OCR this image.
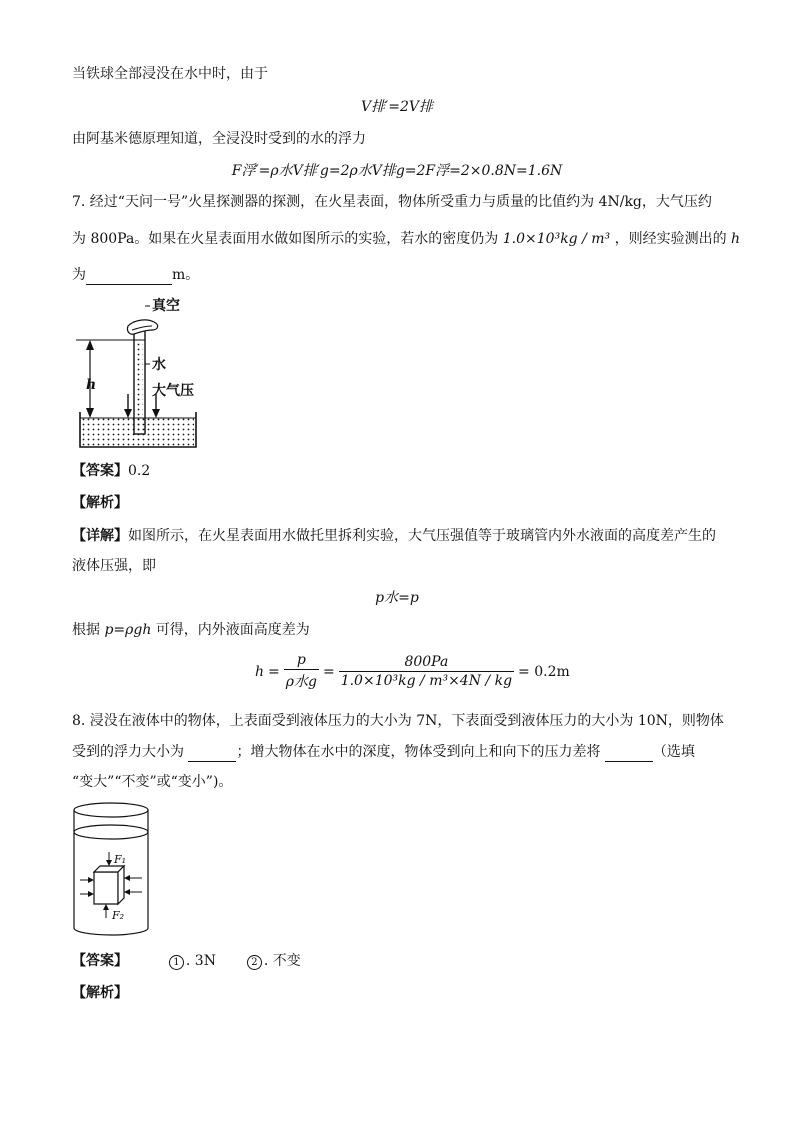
当铁球全部浸没在水中时，由于
V排′=2V排
由阿基米德原理知道，全浸没时受到的水的浮力
F浮′=ρ水V排′g=2ρ水V排g=2F浮=2×0.8N=1.6N
7. 经过“天问一号”火星探测器的探测，在火星表面，物体所受重力与质量的比值约为 4N/kg，大气压约
为 800Pa。如果在火星表面用水做如图所示的实验，若水的密度仍为 1.0×10³kg / m³ ，则经实验测出的 h
为	m。
真空
水
大气压
h
【答案】0.2
【解析】
【详解】如图所示，在火星表面用水做托里拆利实验，大气压强值等于玻璃管内外水液面的高度差产生的
液体压强，即
p水=p
根据 p=ρgh 可得，内外液面高度差为
$h = \frac{p}{\text{ρ水g}} = \frac{800Pa}{\text{1.0×10³kg / m³×4N / kg}} = 0.2m$
8. 浸没在液体中的物体，上表面受到液体压力的大小为 7N，下表面受到液体压力的大小为 10N，则物体
受到的浮力大小为	；增大物体在水中的深度，物体受到向上和向下的压力差将	（选填
“变大”“不变”或“变小”)。
F₁
F₂
【答案】	1 . 3N	2 . 不变
【解析】
